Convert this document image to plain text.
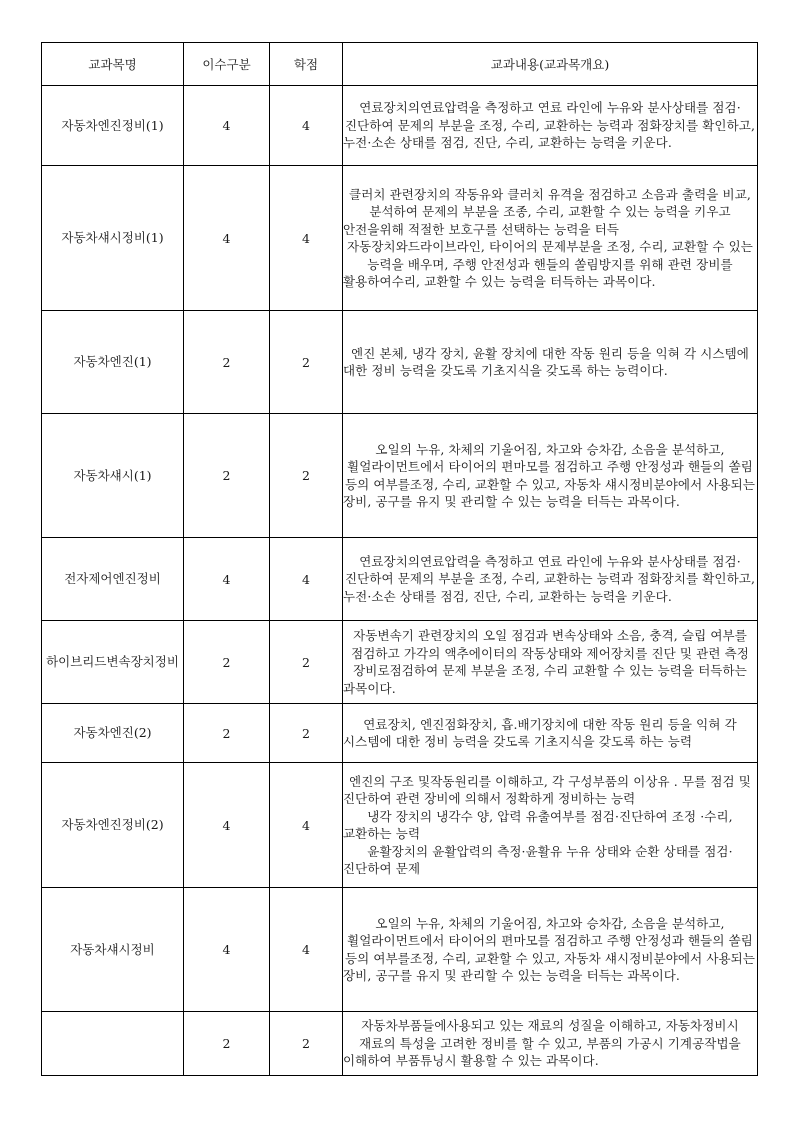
교과목명	이수구분	학점	교과내용(교과목개요)
자동차엔진정비(1)	4	4	연료장치의연료압력을 측정하고 연료 라인에 누유와 분사상태를 점검·진단하여 문제의 부분을 조정, 수리, 교환하는 능력과 점화장치를 확인하고, 누전·소손 상태를 점검, 진단, 수리, 교환하는 능력을 키운다.

자동차섀시정비(1)	4	4	클러치 관련장치의 작동유와 클러치 유격을 점검하고 소음과 출력을 비교, 분석하여 문제의 부분을 조종, 수리, 교환할 수 있는 능력을 키우고 안전을위해 적절한 보호구를 선택하는 능력을 터득
자동장치와드라이브라인, 타이어의 문제부분을 조정, 수리, 교환할 수 있는 능력을 배우며, 주행 안전성과 핸들의 쏠림방지를 위해 관련 장비를 활용하여수리, 교환할 수 있는 능력을 터득하는 과목이다.

자동차엔진(1)	2	2	엔진 본체, 냉각 장치, 윤활 장치에 대한 작동 원리 등을 익혀 각 시스템에 대한 정비 능력을 갖도록 기초지식을 갖도록 하는 능력이다.

자동차섀시(1)	2	2	오일의 누유, 차체의 기울어짐, 차고와 승차감, 소음을 분석하고, 휠얼라이먼트에서 타이어의 편마모를 점검하고 주행 안정성과 핸들의 쏠림 등의 여부를조정, 수리, 교환할 수 있고, 자동차 섀시정비분야에서 사용되는 장비, 공구를 유지 및 관리할 수 있는 능력을 터득는 과목이다.

전자제어엔진정비	4	4	연료장치의연료압력을 측정하고 연료 라인에 누유와 분사상태를 점검·진단하여 문제의 부분을 조정, 수리, 교환하는 능력과 점화장치를 확인하고, 누전·소손 상태를 점검, 진단, 수리, 교환하는 능력을 키운다.

하이브리드변속장치정비	2	2	자동변속기 관련장치의 오일 점검과 변속상태와 소음, 충격, 슬립 여부를 점검하고 가각의 액추에이터의 작동상태와 제어장치를 진단 및 관련 측정 장비로점검하여 문제 부분을 조정, 수리 교환할 수 있는 능력을 터득하는 과목이다.

자동차엔진(2)	2	2	연료장치, 엔진점화장치, 흡.배기장치에 대한 작동 원리 등을 익혀 각 시스템에 대한 정비 능력을 갖도록 기초지식을 갖도록 하는 능력

자동차엔진정비(2)	4	4	엔진의 구조 및작동원리를 이해하고, 각 구성부품의 이상유 . 무를 점검 및 진단하여 관련 장비에 의해서 정확하게 정비하는 능력
냉각 장치의 냉각수 양, 압력 유출여부를 점검·진단하여 조정 ·수리, 교환하는 능력
윤활장치의 윤활압력의 측정·윤활유 누유 상태와 순환 상태를 점검·진단하여 문제

자동차섀시정비	4	4	오일의 누유, 차체의 기울어짐, 차고와 승차감, 소음을 분석하고, 휠얼라이먼트에서 타이어의 편마모를 점검하고 주행 안정성과 핸들의 쏠림 등의 여부를조정, 수리, 교환할 수 있고, 자동차 섀시정비분야에서 사용되는 장비, 공구를 유지 및 관리할 수 있는 능력을 터득는 과목이다.

	2	2	자동차부품들에사용되고 있는 재료의 성질을 이해하고, 자동차정비시 재료의 특성을 고려한 정비를 할 수 있고, 부품의 가공시 기계공작법을 이해하여 부품튜닝시 활용할 수 있는 과목이다.
